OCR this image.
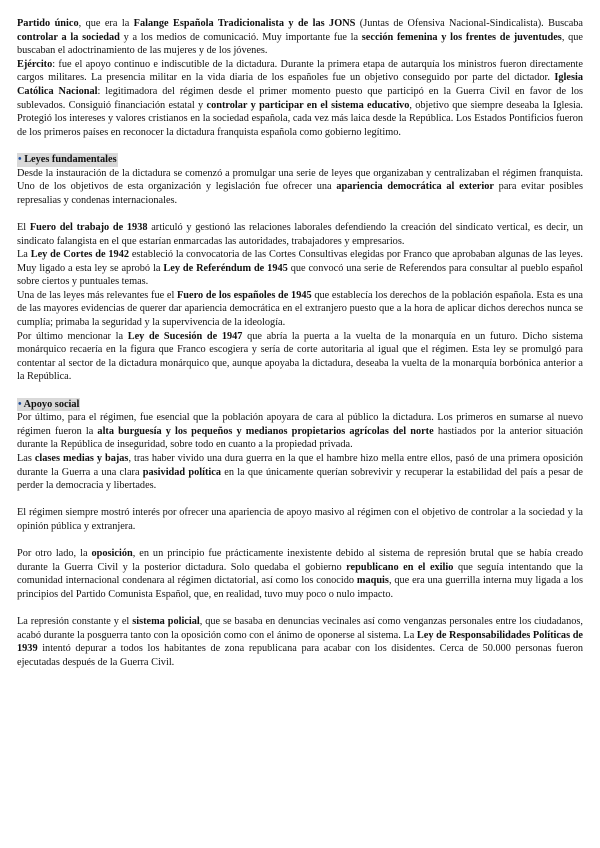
Partido único, que era la Falange Española Tradicionalista y de las JONS (Juntas de Ofensiva Nacional-Sindicalista). Buscaba controlar a la sociedad y a los medios de comunicació. Muy importante fue la sección femenina y los frentes de juventudes, que buscaban el adoctrinamiento de las mujeres y de los jóvenes.

Ejército: fue el apoyo continuo e indiscutible de la dictadura. Durante la primera etapa de autarquía los ministros fueron directamente cargos militares. La presencia militar en la vida diaria de los españoles fue un objetivo conseguido por parte del dictador. Iglesia Católica Nacional: legitimadora del régimen desde el primer momento puesto que participó en la Guerra Civil en favor de los sublevados. Consiguió financiación estatal y controlar y participar en el sistema educativo, objetivo que siempre deseaba la Iglesia. Protegió los intereses y valores cristianos en la sociedad española, cada vez más laica desde la República. Los Estados Pontificios fueron de los primeros países en reconocer la dictadura franquista española como gobierno legítimo.

• Leyes fundamentales

Desde la instauración de la dictadura se comenzó a promulgar una serie de leyes que organizaban y centralizaban el régimen franquista. Uno de los objetivos de esta organización y legislación fue ofrecer una apariencia democrática al exterior para evitar posibles represalias y condenas internacionales.

El Fuero del trabajo de 1938 articuló y gestionó las relaciones laborales defendiendo la creación del sindicato vertical, es decir, un sindicato falangista en el que estarían enmarcadas las autoridades, trabajadores y empresarios.

La Ley de Cortes de 1942 estableció la convocatoria de las Cortes Consultivas elegidas por Franco que aprobaban algunas de las leyes. Muy ligado a esta ley se aprobó la Ley de Referéndum de 1945 que convocó una serie de Referendos para consultar al pueblo español sobre ciertos y puntuales temas.

Una de las leyes más relevantes fue el Fuero de los españoles de 1945 que establecía los derechos de la población española. Esta es una de las mayores evidencias de querer dar apariencia democrática en el extranjero puesto que a la hora de aplicar dichos derechos nunca se cumplía; primaba la seguridad y la supervivencia de la ideología.

Por último mencionar la Ley de Sucesión de 1947 que abría la puerta a la vuelta de la monarquía en un futuro. Dicho sistema monárquico recaería en la figura que Franco escogiera y sería de corte autoritaria al igual que el régimen. Esta ley se promulgó para contentar al sector de la dictadura monárquico que, aunque apoyaba la dictadura, deseaba la vuelta de la monarquía borbónica anterior a la República.

• Apoyo social

Por último, para el régimen, fue esencial que la población apoyara de cara al público la dictadura. Los primeros en sumarse al nuevo régimen fueron la alta burguesía y los pequeños y medianos propietarios agrícolas del norte hastiados por la anterior situación durante la República de inseguridad, sobre todo en cuanto a la propiedad privada.

Las clases medias y bajas, tras haber vivido una dura guerra en la que el hambre hizo mella entre ellos, pasó de una primera oposición durante la Guerra a una clara pasividad política en la que únicamente querían sobrevivir y recuperar la estabilidad del país a pesar de perder la democracia y libertades.

El régimen siempre mostró interés por ofrecer una apariencia de apoyo masivo al régimen con el objetivo de controlar a la sociedad y la opinión pública y extranjera.

Por otro lado, la oposición, en un principio fue prácticamente inexistente debido al sistema de represión brutal que se había creado durante la Guerra Civil y la posterior dictadura. Solo quedaba el gobierno republicano en el exilio que seguía intentando que la comunidad internacional condenara al régimen dictatorial, así como los conocido maquis, que era una guerrilla interna muy ligada a los principios del Partido Comunista Español, que, en realidad, tuvo muy poco o nulo impacto.

La represión constante y el sistema policial, que se basaba en denuncias vecinales así como venganzas personales entre los ciudadanos, acabó durante la posguerra tanto con la oposición como con el ánimo de oponerse al sistema. La Ley de Responsabilidades Políticas de 1939 intentó depurar a todos los habitantes de zona republicana para acabar con los disidentes. Cerca de 50.000 personas fueron ejecutadas después de la Guerra Civil.
